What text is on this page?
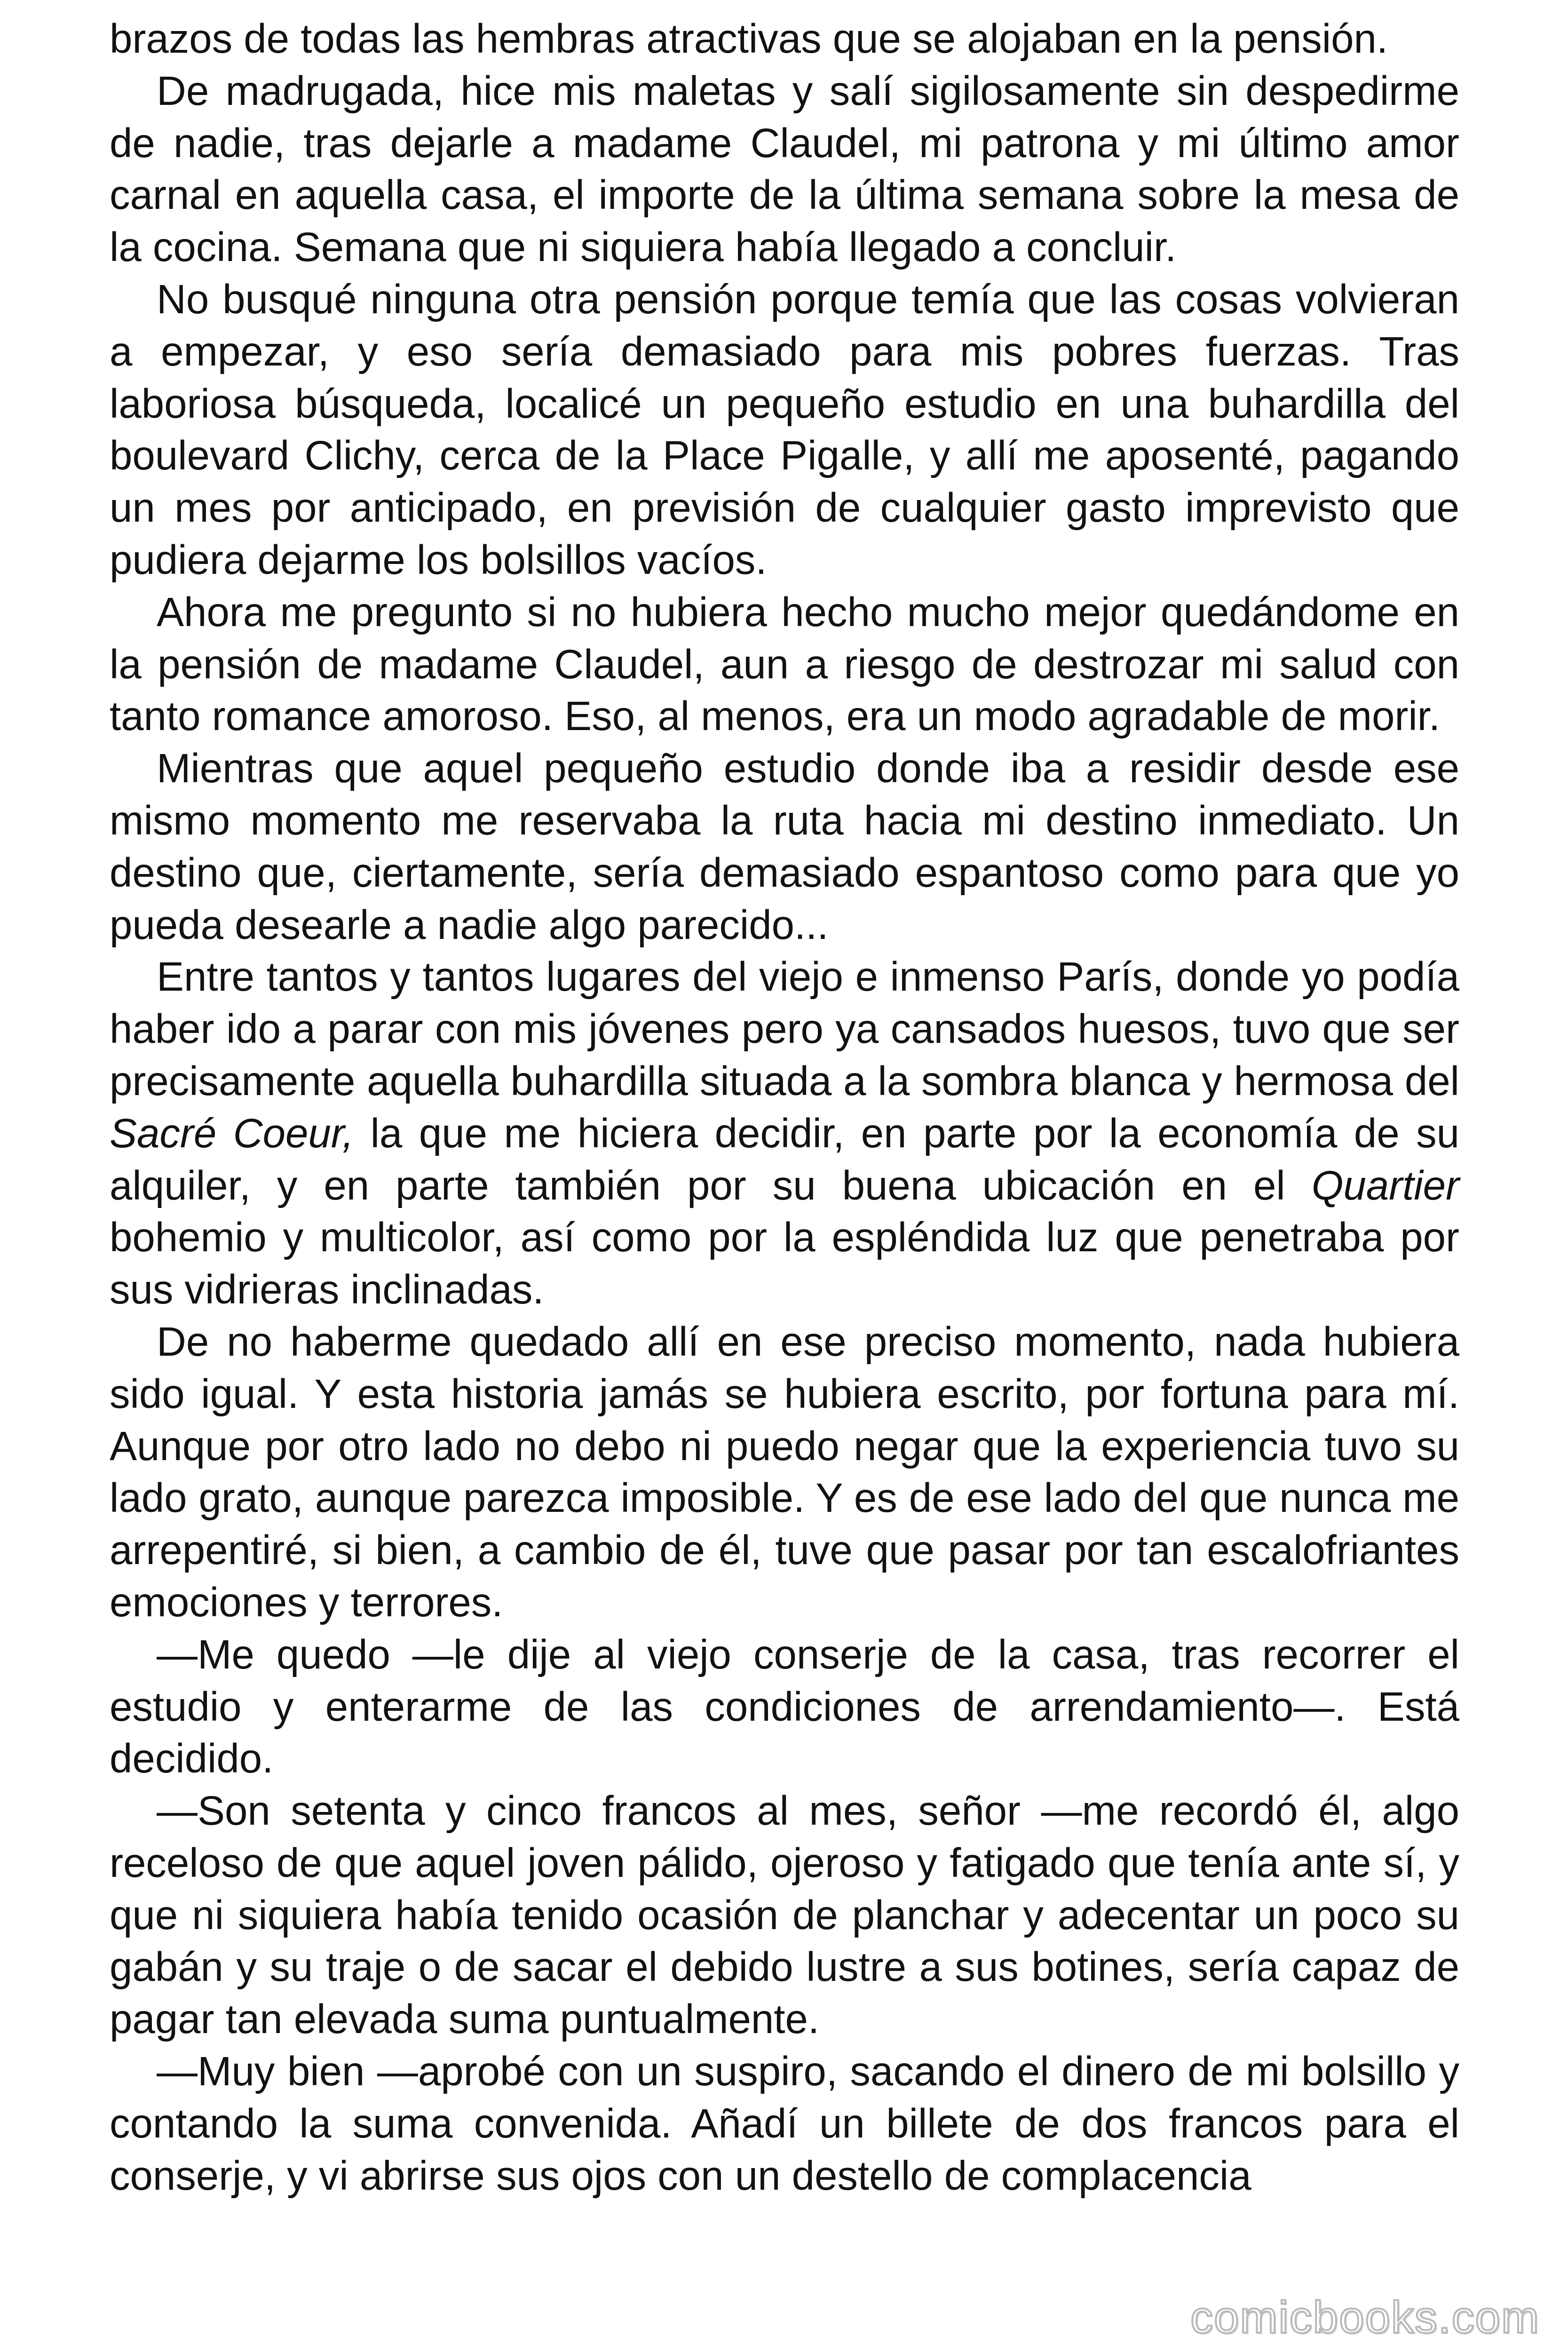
brazos de todas las hembras atractivas que se alojaban en la pensión.

De madrugada, hice mis maletas y salí sigilosamente sin despedirme de nadie, tras dejarle a madame Claudel, mi patrona y mi último amor carnal en aquella casa, el importe de la última semana sobre la mesa de la cocina. Semana que ni siquiera había llegado a concluir.

No busqué ninguna otra pensión porque temía que las cosas volvieran a empezar, y eso sería demasiado para mis pobres fuerzas. Tras laboriosa búsqueda, localicé un pequeño estudio en una buhardilla del boulevard Clichy, cerca de la Place Pigalle, y allí me aposenté, pagando un mes por anticipado, en previsión de cualquier gasto imprevisto que pudiera dejarme los bolsillos vacíos.

Ahora me pregunto si no hubiera hecho mucho mejor quedándome en la pensión de madame Claudel, aun a riesgo de destrozar mi salud con tanto romance amoroso. Eso, al menos, era un modo agradable de morir.

Mientras que aquel pequeño estudio donde iba a residir desde ese mismo momento me reservaba la ruta hacia mi destino inmediato. Un destino que, ciertamente, sería demasiado espantoso como para que yo pueda desearle a nadie algo parecido...

Entre tantos y tantos lugares del viejo e inmenso París, donde yo podía haber ido a parar con mis jóvenes pero ya cansados huesos, tuvo que ser precisamente aquella buhardilla situada a la sombra blanca y hermosa del Sacré Coeur, la que me hiciera decidir, en parte por la economía de su alquiler, y en parte también por su buena ubicación en el Quartier bohemio y multicolor, así como por la espléndida luz que penetraba por sus vidrieras inclinadas.

De no haberme quedado allí en ese preciso momento, nada hubiera sido igual. Y esta historia jamás se hubiera escrito, por fortuna para mí. Aunque por otro lado no debo ni puedo negar que la experiencia tuvo su lado grato, aunque parezca imposible. Y es de ese lado del que nunca me arrepentiré, si bien, a cambio de él, tuve que pasar por tan escalofriantes emociones y terrores.

—Me quedo —le dije al viejo conserje de la casa, tras recorrer el estudio y enterarme de las condiciones de arrendamiento—. Está decidido.

—Son setenta y cinco francos al mes, señor —me recordó él, algo receloso de que aquel joven pálido, ojeroso y fatigado que tenía ante sí, y que ni siquiera había tenido ocasión de planchar y adecentar un poco su gabán y su traje o de sacar el debido lustre a sus botines, sería capaz de pagar tan elevada suma puntualmente.

—Muy bien —aprobé con un suspiro, sacando el dinero de mi bolsillo y contando la suma convenida. Añadí un billete de dos francos para el conserje, y vi abrirse sus ojos con un destello de complacencia

comicbooks.com
